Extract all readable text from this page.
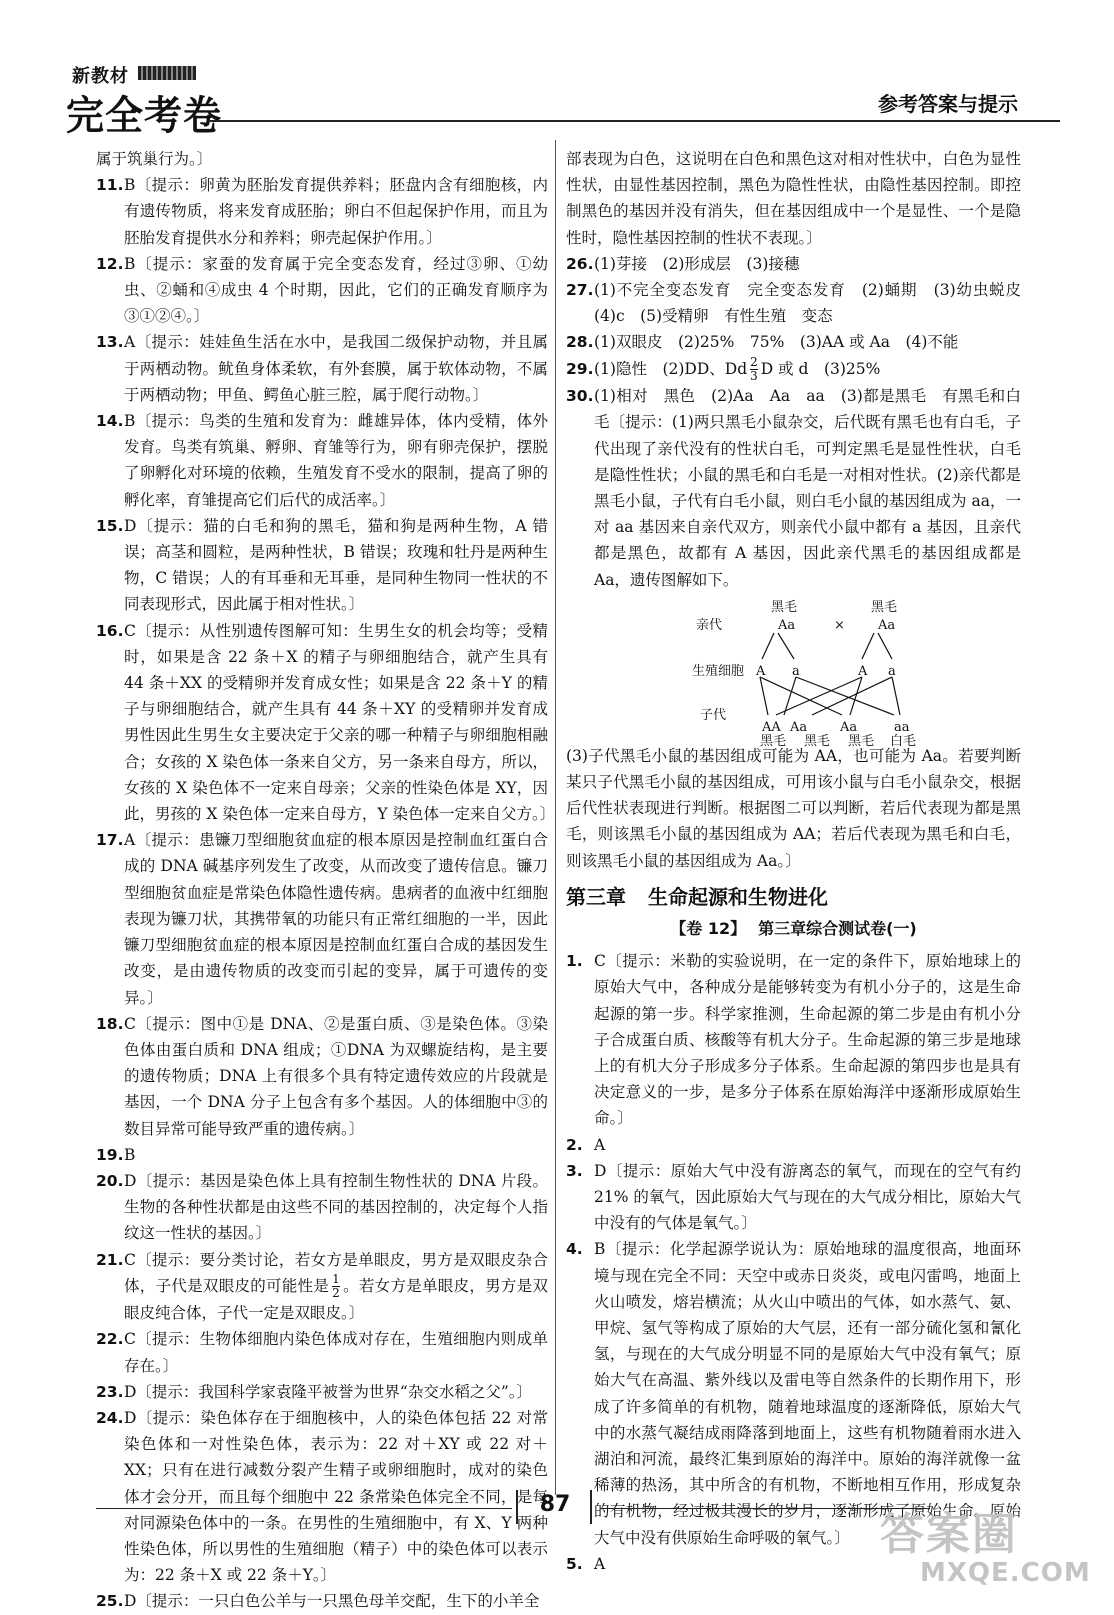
新教材
完全考卷	参考答案与提示
属于筑巢行为。〕
11. B〔提示：卵黄为胚胎发育提供养料；胚盘内含有细胞核，内有遗传物质，将来发育成胚胎；卵白不但起保护作用，而且为胚胎发育提供水分和养料；卵壳起保护作用。〕
12. B〔提示：家蚕的发育属于完全变态发育，经过③卵、①幼虫、②蛹和④成虫 4 个时期，因此，它们的正确发育顺序为③①②④。〕
13. A〔提示：娃娃鱼生活在水中，是我国二级保护动物，并且属于两栖动物。鱿鱼身体柔软，有外套膜，属于软体动物，不属于两栖动物；甲鱼、鳄鱼心脏三腔，属于爬行动物。〕
14. B〔提示：鸟类的生殖和发育为：雌雄异体，体内受精，体外发育。鸟类有筑巢、孵卵、育雏等行为，卵有卵壳保护，摆脱了卵孵化对环境的依赖，生殖发育不受水的限制，提高了卵的孵化率，育雏提高它们后代的成活率。〕
15. D〔提示：猫的白毛和狗的黑毛，猫和狗是两种生物，A 错误；高茎和圆粒，是两种性状，B 错误；玫瑰和牡丹是两种生物，C 错误；人的有耳垂和无耳垂，是同种生物同一性状的不同表现形式，因此属于相对性状。〕
16. C〔提示：从性别遗传图解可知：生男生女的机会均等；受精时，如果是含 22 条＋X 的精子与卵细胞结合，就产生具有 44 条＋XX 的受精卵并发育成女性；如果是含 22 条＋Y 的精子与卵细胞结合，就产生具有 44 条＋XY 的受精卵并发育成男性因此生男生女主要决定于父亲的哪一种精子与卵细胞相融合；女孩的 X 染色体一条来自父方，另一条来自母方，所以，女孩的 X 染色体不一定来自母亲；父亲的性染色体是 XY，因此，男孩的 X 染色体一定来自母方，Y 染色体一定来自父方。〕
17. A〔提示：患镰刀型细胞贫血症的根本原因是控制血红蛋白合成的 DNA 碱基序列发生了改变，从而改变了遗传信息。镰刀型细胞贫血症是常染色体隐性遗传病。患病者的血液中红细胞表现为镰刀状，其携带氧的功能只有正常红细胞的一半，因此镰刀型细胞贫血症的根本原因是控制血红蛋白合成的基因发生改变，是由遗传物质的改变而引起的变异，属于可遗传的变异。〕
18. C〔提示：图中①是 DNA、②是蛋白质、③是染色体。③染色体由蛋白质和 DNA 组成；①DNA 为双螺旋结构，是主要的遗传物质；DNA 上有很多个具有特定遗传效应的片段就是基因，一个 DNA 分子上包含有多个基因。人的体细胞中③的数目异常可能导致严重的遗传病。〕
19. B
20. D〔提示：基因是染色体上具有控制生物性状的 DNA 片段。生物的各种性状都是由这些不同的基因控制的，决定每个人指纹这一性状的基因。〕
21. C〔提示：要分类讨论，若女方是单眼皮，男方是双眼皮杂合体，子代是双眼皮的可能性是 $\frac{1}{2}$ 。若女方是单眼皮，男方是双眼皮纯合体，子代一定是双眼皮。〕
22. C〔提示：生物体细胞内染色体成对存在，生殖细胞内则成单存在。〕
23. D〔提示：我国科学家袁隆平被誉为世界“杂交水稻之父”。〕
24. D〔提示：染色体存在于细胞核中，人的染色体包括 22 对常染色体和一对性染色体，表示为：22 对＋XY 或 22 对＋XX；只有在进行减数分裂产生精子或卵细胞时，成对的染色体才会分开，而且每个细胞中 22 条常染色体完全不同，是每对同源染色体中的一条。在男性的生殖细胞中，有 X、Y 两种性染色体，所以男性的生殖细胞（精子）中的染色体可以表示为：22 条＋X 或 22 条＋Y。〕
25. D〔提示：一只白色公羊与一只黑色母羊交配，生下的小羊全
部表现为白色，这说明在白色和黑色这对相对性状中，白色为显性性状，由显性基因控制，黑色为隐性性状，由隐性基因控制。即控制黑色的基因并没有消失，但在基因组成中一个是显性、一个是隐性时，隐性基因控制的性状不表现。〕
26. (1)芽接　(2)形成层　(3)接穗
27. (1)不完全变态发育　完全变态发育　(2)蛹期　(3)幼虫蜕皮　(4)c　(5)受精卵　有性生殖　变态
28. (1)双眼皮　(2)25%　75%　(3)AA 或 Aa　(4)不能
29. (1)隐性　(2)DD、Dd $\frac{2}{3}$ D 或 d　(3)25%
30. (1)相对　黑色　(2)Aa　Aa　aa　(3)都是黑毛　有黑毛和白毛〔提示：(1)两只黑毛小鼠杂交，后代既有黑毛也有白毛，子代出现了亲代没有的性状白毛，可判定黑毛是显性性状，白毛是隐性性状；小鼠的黑毛和白毛是一对相对性状。(2)亲代都是黑毛小鼠，子代有白毛小鼠，则白毛小鼠的基因组成为 aa，一对 aa 基因来自亲代双方，则亲代小鼠中都有 a 基因，且亲代都是黑色，故都有 A 基因，因此亲代黑毛的基因组成都是 Aa，遗传图解如下。
黑毛	黑毛
亲代	Aa	×	Aa
生殖细胞 A a	A a
子代
AA Aa	Aa	aa
黑毛 黑毛 黑毛 白毛
(3)子代黑毛小鼠的基因组成可能为 AA，也可能为 Aa。若要判断某只子代黑毛小鼠的基因组成，可用该小鼠与白毛小鼠杂交，根据后代性状表现进行判断。根据图二可以判断，若后代表现为都是黑毛，则该黑毛小鼠的基因组成为 AA；若后代表现为黑毛和白毛，则该黑毛小鼠的基因组成为 Aa。〕
第三章 生命起源和生物进化
【卷 12】 第三章综合测试卷(一)
1. C〔提示：米勒的实验说明，在一定的条件下，原始地球上的原始大气中，各种成分是能够转变为有机小分子的，这是生命起源的第一步。科学家推测，生命起源的第二步是由有机小分子合成蛋白质、核酸等有机大分子。生命起源的第三步是地球上的有机大分子形成多分子体系。生命起源的第四步也是具有决定意义的一步，是多分子体系在原始海洋中逐渐形成原始生命。〕
2. A
3. D〔提示：原始大气中没有游离态的氧气，而现在的空气有约 21% 的氧气，因此原始大气与现在的大气成分相比，原始大气中没有的气体是氧气。〕
4. B〔提示：化学起源学说认为：原始地球的温度很高，地面环境与现在完全不同：天空中或赤日炎炎，或电闪雷鸣，地面上火山喷发，熔岩横流；从火山中喷出的气体，如水蒸气、氨、甲烷、氢气等构成了原始的大气层，还有一部分硫化氢和氰化氢，与现在的大气成分明显不同的是原始大气中没有氧气；原始大气在高温、紫外线以及雷电等自然条件的长期作用下，形成了许多简单的有机物，随着地球温度的逐渐降低，原始大气中的水蒸气凝结成雨降落到地面上，这些有机物随着雨水进入湖泊和河流，最终汇集到原始的海洋中。原始的海洋就像一盆稀薄的热汤，其中所含的有机物，不断地相互作用，形成复杂的有机物，经过极其漫长的岁月，逐渐形成了原始生命。原始大气中没有供原始生命呼吸的氧气。〕
5. A
87
答案圈
MXQE.COM
